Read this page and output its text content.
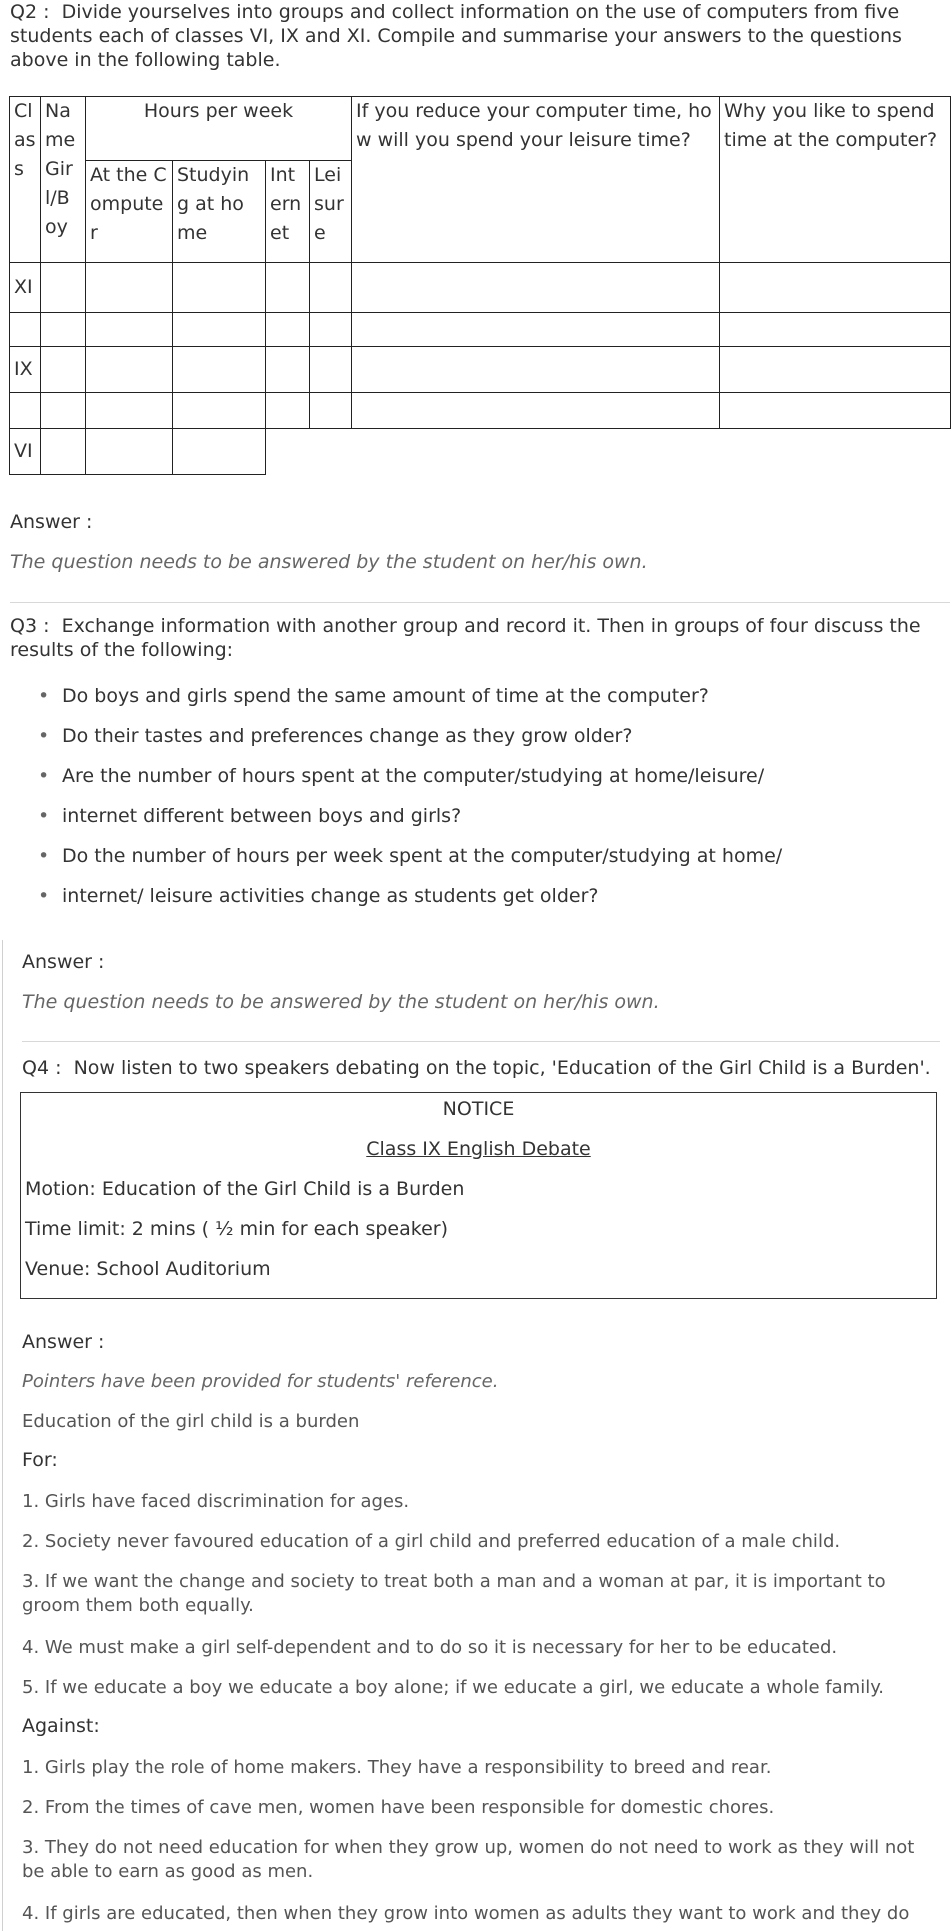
Q2 : Divide yourselves into groups and collect information on the use of computers from five students each of classes VI, IX and XI. Compile and summarise your answers to the questions above in the following table.

Class	Name Girl/Boy	Hours per week				If you reduce your computer time, how will you spend your leisure time?	Why you like to spend time at the computer?
		At the Computer	Studying at home	Internet	Leisure		
XI							

IX							

VI							
Answer :
The question needs to be answered by the student on her/his own.

Q3 : Exchange information with another group and record it. Then in groups of four discuss the results of the following:

• Do boys and girls spend the same amount of time at the computer?
• Do their tastes and preferences change as they grow older?
• Are the number of hours spent at the computer/studying at home/leisure/
• internet different between boys and girls?
• Do the number of hours per week spent at the computer/studying at home/
• internet/ leisure activities change as students get older?
Answer :
The question needs to be answered by the student on her/his own.

Q4 : Now listen to two speakers debating on the topic, 'Education of the Girl Child is a Burden'.

NOTICE
Class IX English Debate
Motion: Education of the Girl Child is a Burden
Time limit: 2 mins ( ½ min for each speaker)
Venue: School Auditorium
Answer :
Pointers have been provided for students' reference.
Education of the girl child is a burden
For:
1. Girls have faced discrimination for ages.
2. Society never favoured education of a girl child and preferred education of a male child.
3. If we want the change and society to treat both a man and a woman at par, it is important to groom them both equally.
4. We must make a girl self-dependent and to do so it is necessary for her to be educated.
5. If we educate a boy we educate a boy alone; if we educate a girl, we educate a whole family.
Against:
1. Girls play the role of home makers. They have a responsibility to breed and rear.
2. From the times of cave men, women have been responsible for domestic chores.
3. They do not need education for when they grow up, women do not need to work as they will not be able to earn as good as men.
4. If girls are educated, then when they grow into women as adults they want to work and they do
